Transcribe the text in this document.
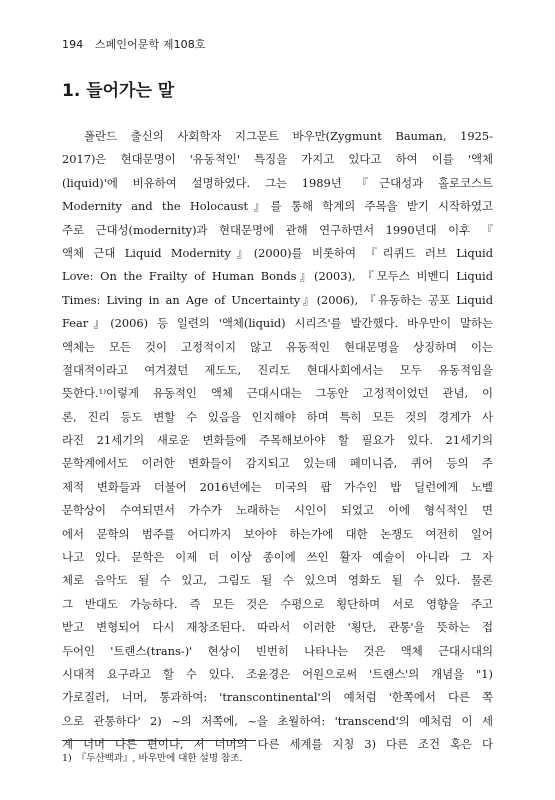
194 스페인어문학 제108호
1. 들어가는 말
폴란드 출신의 사회학자 지그문트 바우만(Zygmunt Bauman, 1925-
2017)은 현대문명이 '유동적인' 특징을 가지고 있다고 하여 이를 '액체
(liquid)'에 비유하여 설명하였다. 그는 1989년 『근대성과 홀로코스트
Modernity and the Holocaust』를 통해 학계의 주목을 받기 시작하였고
주로 근대성(modernity)과 현대문명에 관해 연구하면서 1990년대 이후 『
액체 근대 Liquid Modernity』(2000)를 비롯하여 『리퀴드 러브 Liquid
Love: On the Frailty of Human Bonds』(2003), 『모두스 비벤디 Liquid
Times: Living in an Age of Uncertainty』(2006), 『유동하는 공포 Liquid
Fear』(2006) 등 일련의 '액체(liquid) 시리즈'를 발간했다. 바우만이 말하는
액체는 모든 것이 고정적이지 않고 유동적인 현대문명을 상징하며 이는
절대적이라고 여겨졌던 제도도, 진리도 현대사회에서는 모두 유동적임을
뜻한다.¹⁾이렇게 유동적인 액체 근대시대는 그동안 고정적이었던 관념, 이
론, 진리 등도 변할 수 있음을 인지해야 하며 특히 모든 것의 경계가 사
라진 21세기의 새로운 변화들에 주목해보아야 할 필요가 있다. 21세기의
문학계에서도 이러한 변화들이 감지되고 있는데 페미니즘, 퀴어 등의 주
제적 변화들과 더불어 2016년에는 미국의 팝 가수인 밥 딜런에게 노벨
문학상이 수여되면서 가수가 노래하는 시인이 되었고 이에 형식적인 면
에서 문학의 범주를 어디까지 보아야 하는가에 대한 논쟁도 여전히 일어
나고 있다. 문학은 이제 더 이상 종이에 쓰인 활자 예술이 아니라 그 자
체로 음악도 될 수 있고, 그림도 될 수 있으며 영화도 될 수 있다. 물론
그 반대도 가능하다. 즉 모든 것은 수평으로 횡단하며 서로 영향을 주고
받고 변형되어 다시 재창조된다. 따라서 이러한 '횡단, 관통'을 뜻하는 접
두어인 '트랜스(trans-)' 현상이 빈번히 나타나는 것은 액체 근대시대의
시대적 요구라고 할 수 있다. 조윤경은 어원으로써 '트랜스'의 개념을 "1)
가로질러, 너머, 통과하여: 'transcontinental'의 예처럼 '한쪽에서 다른 쪽
으로 관통하다' 2) ~의 저쪽에, ~을 초월하여: 'transcend'의 예처럼 이 세
계 너머 다른 편이나, 저 너머의 다른 세계를 지칭 3) 다른 조건 혹은 다
1) 『두산백과』, 바우만에 대한 설명 참조.
